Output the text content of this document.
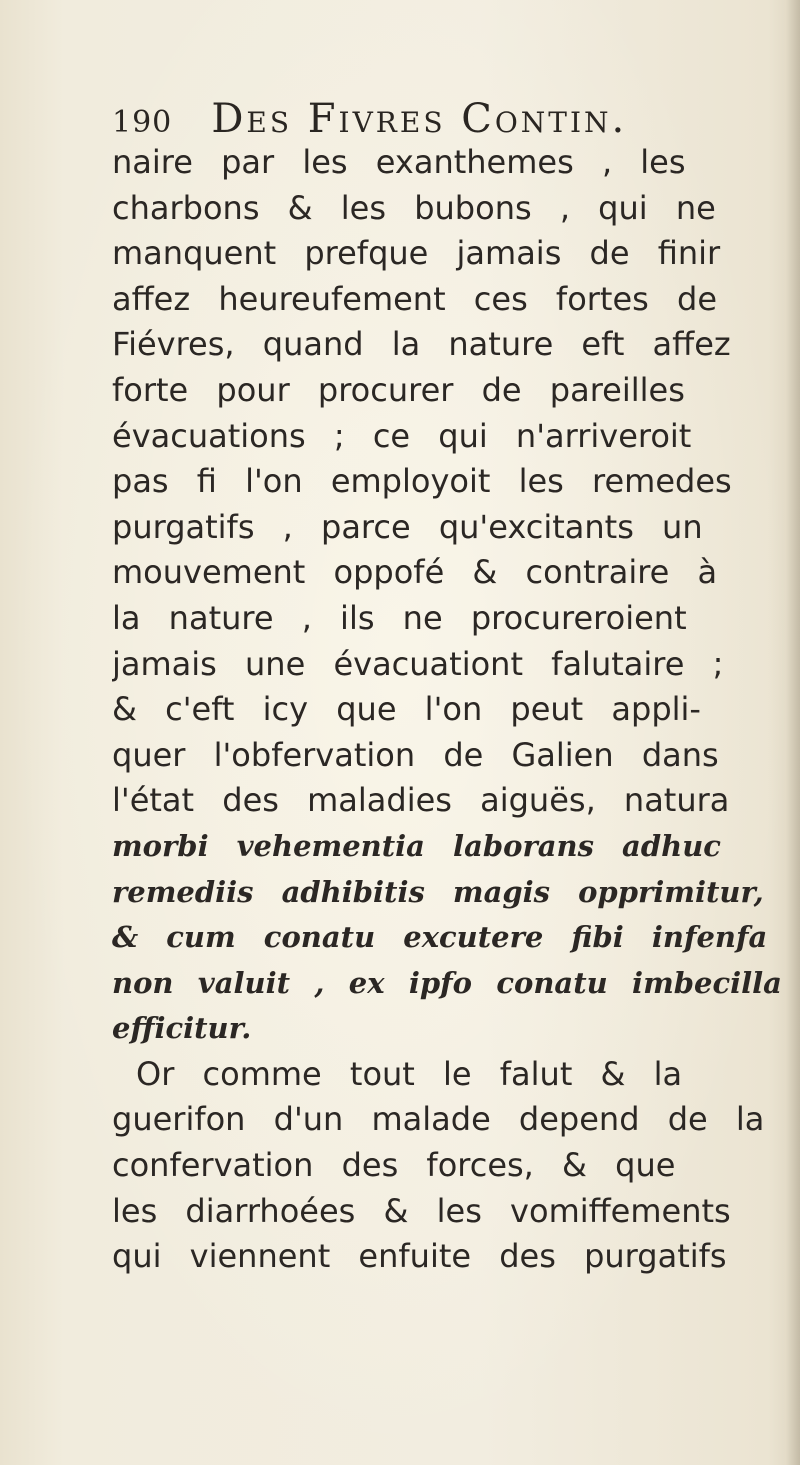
190 Des Fivres Contin.
naire par les exanthemes , les
charbons & les bubons , qui ne
manquent prefque jamais de finir
affez heureufement ces fortes de
Fiévres, quand la nature eft affez
forte pour procurer de pareilles
évacuations ; ce qui n'arriveroit
pas fi l'on employoit les remedes
purgatifs , parce qu'excitants un
mouvement oppofé & contraire à
la nature , ils ne procureroient
jamais une évacuationt falutaire ;
& c'eft icy que l'on peut appli-
quer l'obfervation de Galien dans
l'état des maladies aiguës, natura
morbi vehementia laborans adhuc
remediis adhibitis magis opprimitur,
& cum conatu excutere fibi infenfa
non valuit , ex ipfo conatu imbecilla
efficitur.
Or comme tout le falut & la
guerifon d'un malade depend de la
confervation des forces, & que
les diarrhoées & les vomiffements
qui viennent enfuite des purgatifs
